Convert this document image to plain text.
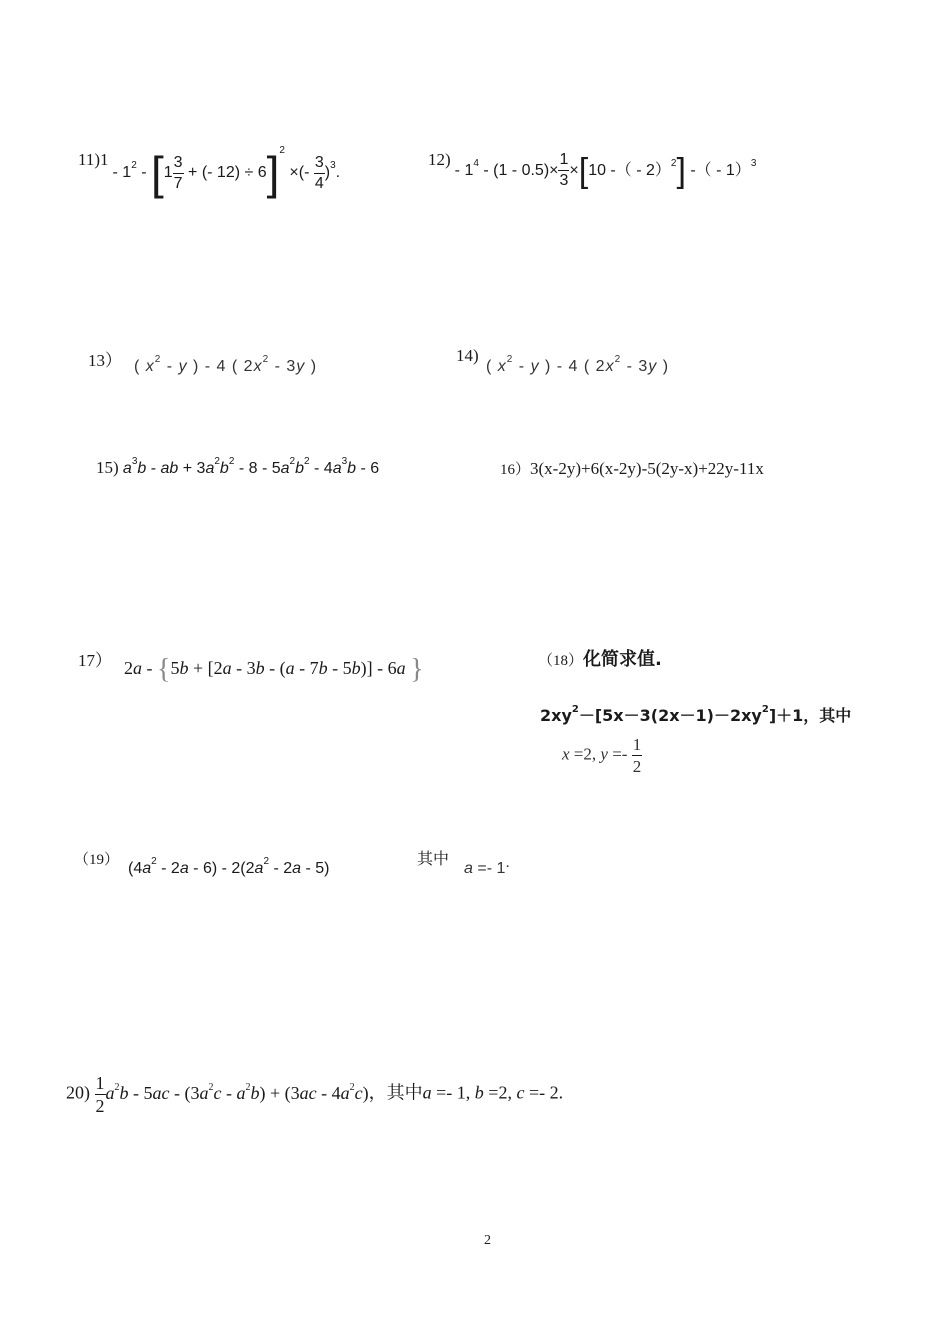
$11)1 - 1^2 - [1 \frac{3}{7}$ + (- 12) ÷ 6]$^2$ ×(- $\frac{3}{4} )^3$.
$12) - 1^4 - (1 - 0.5)\times \frac{1}{3} \times[10$ -（ - 2）$^2$] -（ - 1）$^3$
13） ( $x^2$ - y ) - 4 ( $2x^2 - 3y$ )
14)
( $x^2$ - y ) - 4 ( $2x^2 - 3y$ )
15) $a^3b$ - ab + $3a^2b^2 - 8 - 5a^2b^2 - 4a^3b - 6$	16）3(x-2y)+6(x-2y)-5(2y-x)+22y-11x
17） 2a - {5b + [2a - 3b - (a - 7b - 5b)] - 6a }	（18）化简求值.
$2xy^2-[5x-3(2x-1)-2xy^2]+1$，其中
x =2, $y =- \frac{1}{2}$
（19） $(4a^2 - 2a - 6) - 2(2a^2 - 2a - 5)$
其中
a =- 1.
$20) \frac{1}{2} a^2b - 5ac - (3a^2c - a^2b) + (3ac - 4a^2c)$，其中a =- 1, b =2, c =- 2.
2
